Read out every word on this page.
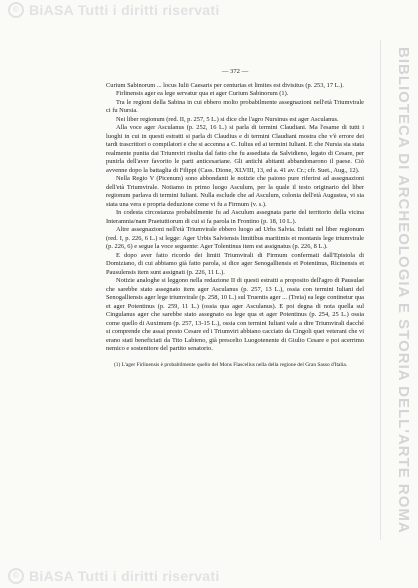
© BiASA Tutti i diritti riservati
BIBLIOTECA DI ARCHEOLOGIA E STORIA DELL'ARTE ROMA
— 372 —

Curium Sabinorum ... locus Iulii Caesaris per centurias et limites est divisitus (p. 253, 17 L.).

Firlinensis ager ea lege servatur qua et ager Curium Sabinorum (1).

Tra le regioni della Sabina in cui ebbero molto probabilmente assegnazioni nell'età Triumvirale ci fu Nursia.

Nei liber regionum (red. II, p. 257, 5 L.) si dice che l'agro Nursinus est ager Asculanus.

Alla voce ager Asculanus (p. 252, 16 L.) si parla di termini Claudiani. Ma l'esame di tutti i luoghi in cui in questi estratti si parla di Claudius e di termini Claudiani mostra che v'è errore dei tardi trascrittori o compilatori e che si accenna a C. Iulius ed ai termini Iuliani. E che Nursia sia stata realmente punita dai Triumviri risulta dal fatto che fu assediata da Salvidieno, legato di Cesare, per punirla dell'aver favorito le parti anticesariane. Gli antichi abitanti abbandonarono il paese. Ciò avvenne dopo la battaglia di Filippi (Cass. Dione, XLVIII, 13, ed a. 41 av. Cr.; cfr. Suet., Aug., 12).

Nella Regio V (Picenum) sono abbondanti le notizie che paiono pure riferirsi ad assegnazioni dell'età Triumvirale. Notiamo in primo luogo Asculum, per la quale il testo originario del liber regionum parlava di termini Iuliani. Nulla esclude che ad Asculum, colonia dell'età Augustea, vi sia stata una vera e propria deduzione come vi fu a Firmum (v. s.).

In codesta circostanza probabilmente fu ad Asculum assegnata parte del territorio della vicina Interamnia/nam Praetuttiorum di cui si fa parola in Frontino (p. 18, 10 L.).

Altre assegnazioni nell'età Triumvirale ebbero luogo ad Urbs Salvia. Infatti nel liber regionum (red. I, p. 226, 6 L.) si legge: Ager Urbis Salviensis limitibus maritimis et montanis lege triumvirale (p. 226, 6) e segue la voce seguente: Ager Tolentinus item est assignatus (p. 226, 8 L.).

E dopo aver fatto ricordo dei limiti Triumvirali di Firmum confermati dall'Epistola di Domiziano, di cui abbiamo già fatto parola, si dice ager Senogalliensis et Potentinus, Ricinensis et Pausulensis item sunt assignati (p. 226, 11 L.).

Notizie analoghe si leggono nella redazione II di questi estratti a proposito dell'agro di Pausulae che sarebbe stato assegnato item ager Asculanus (p. 257, 13 L.), ossia con termini Iuliani del Senogalliensis ager lege triumvirale (p. 258, 10 L.) sul Truentis ager ... (Treia) ea lege continetur qua et ager Potentinus (p. 259, 11 L.) (ossia qua ager Asculanus). E poi degna di nota quella sul Cingulanus ager che sarebbe stato assegnato ea lege qua et ager Potentinus (p. 254, 25 L.) ossia come quello di Auximum (p. 257, 13-15 L.), ossia con termini Iuliani vale a dire Triumvirali dacché si comprende che assai presto Cesare ed i Triumviri abbiano cacciato da Cingoli quei veterani che vi erano stati beneficiati da Tito Labieno, già prescelto Luogotenente di Giulio Cesare e poi acerrimo nemico e sostenitore del partito senatorio.

(1) L'ager Firlinensis è probabilmente quello del Mons Flascellus nella della regione del Gran Sasso d'Italia.
© BiASA Tutti i diritti riservati
